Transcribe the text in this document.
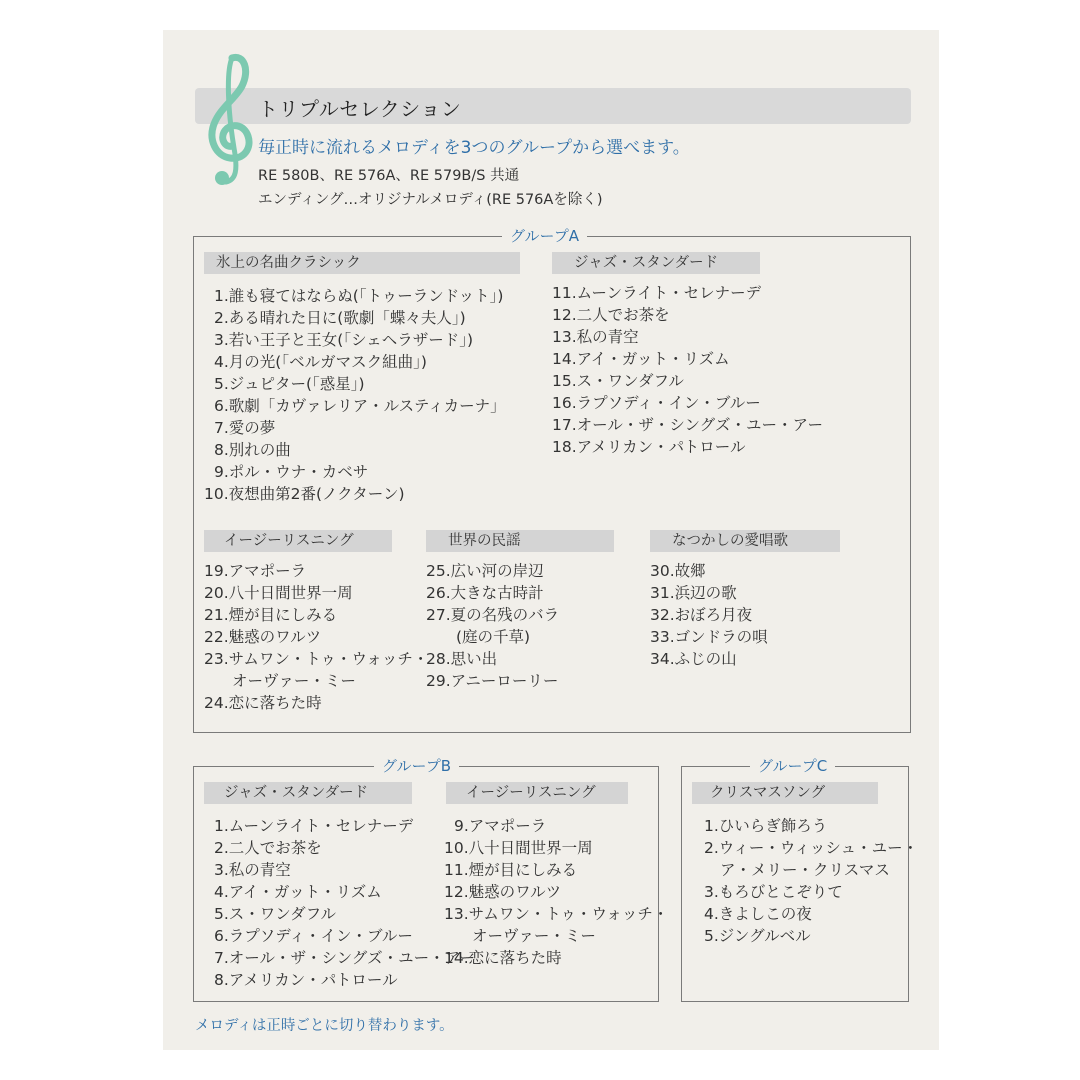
トリプルセレクション
毎正時に流れるメロディを3つのグループから選べます。
RE 580B、RE 576A、RE 579B/S 共通
エンディング…オリジナルメロディ(RE 576Aを除く)
グループA
氷上の名曲クラシック
1.誰も寝てはならぬ(「トゥーランドット」)
2.ある晴れた日に(歌劇「蝶々夫人」)
3.若い王子と王女(「シェヘラザード」)
4.月の光(「ベルガマスク組曲」)
5.ジュピター(「惑星」)
6.歌劇「カヴァレリア・ルスティカーナ」
7.愛の夢
8.別れの曲
9.ポル・ウナ・カベサ
10.夜想曲第2番(ノクターン)
ジャズ・スタンダード
11.ムーンライト・セレナーデ
12.二人でお茶を
13.私の青空
14.アイ・ガット・リズム
15.ス・ワンダフル
16.ラプソディ・イン・ブルー
17.オール・ザ・シングズ・ユー・アー
18.アメリカン・パトロール
イージーリスニング
19.アマポーラ
20.八十日間世界一周
21.煙が目にしみる
22.魅惑のワルツ
23.サムワン・トゥ・ウォッチ・
オーヴァー・ミー
24.恋に落ちた時
世界の民謡
25.広い河の岸辺
26.大きな古時計
27.夏の名残のバラ
(庭の千草)
28.思い出
29.アニーローリー
なつかしの愛唱歌
30.故郷
31.浜辺の歌
32.おぼろ月夜
33.ゴンドラの唄
34.ふじの山
グループB
ジャズ・スタンダード
1.ムーンライト・セレナーデ
2.二人でお茶を
3.私の青空
4.アイ・ガット・リズム
5.ス・ワンダフル
6.ラプソディ・イン・ブルー
7.オール・ザ・シングズ・ユー・アー
8.アメリカン・パトロール
イージーリスニング
9.アマポーラ
10.八十日間世界一周
11.煙が目にしみる
12.魅惑のワルツ
13.サムワン・トゥ・ウォッチ・
オーヴァー・ミー
14.恋に落ちた時
グループC
クリスマスソング
1.ひいらぎ飾ろう
2.ウィー・ウィッシュ・ユー・
ア・メリー・クリスマス
3.もろびとこぞりて
4.きよしこの夜
5.ジングルベル
メロディは正時ごとに切り替わります。
